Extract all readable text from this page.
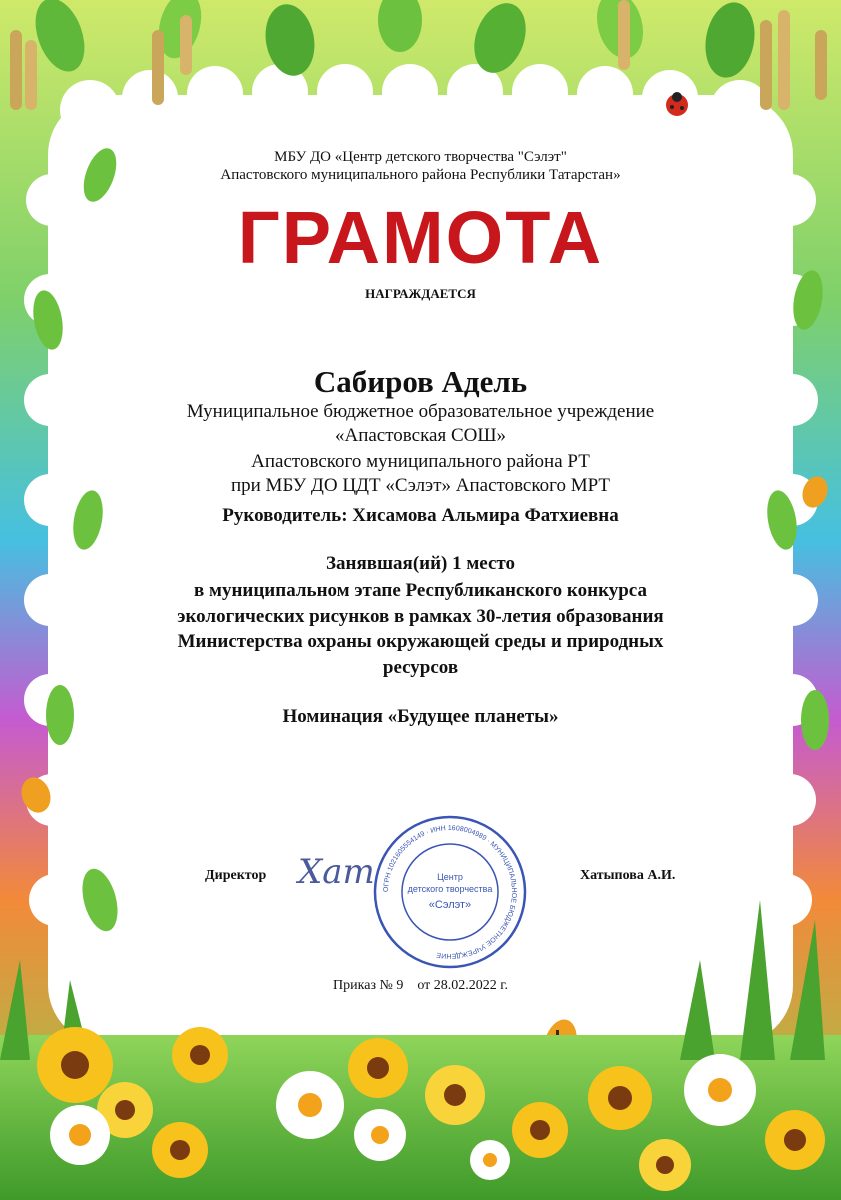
МБУ ДО «Центр детского творчества "Сэлэт"
Апастовского муниципального района Республики Татарстан»
ГРАМОТА
НАГРАЖДАЕТСЯ
Сабиров Адель
Муниципальное бюджетное образовательное учреждение
«Апастовская СОШ»
Апастовского муниципального района РТ
при МБУ ДО ЦДТ «Сэлэт» Апастовского МРТ
Руководитель: Хисамова Альмира Фатхиевна
Занявшая(ий) 1 место
в муниципальном этапе Республиканского конкурса
экологических рисунков в рамках 30-летия образования
Министерства охраны окружающей среды и природных
ресурсов
Номинация «Будущее планеты»
ОГРН 1021605554149 · ИНН 1608004989 · МУНИЦИПАЛЬНОЕ БЮДЖЕТНОЕ УЧРЕЖДЕНИЕ
Центр
детского творчества
«Сэлэт»
Директор Хат	Хатыпова А.И.
Приказ № 9    от 28.02.2022 г.
